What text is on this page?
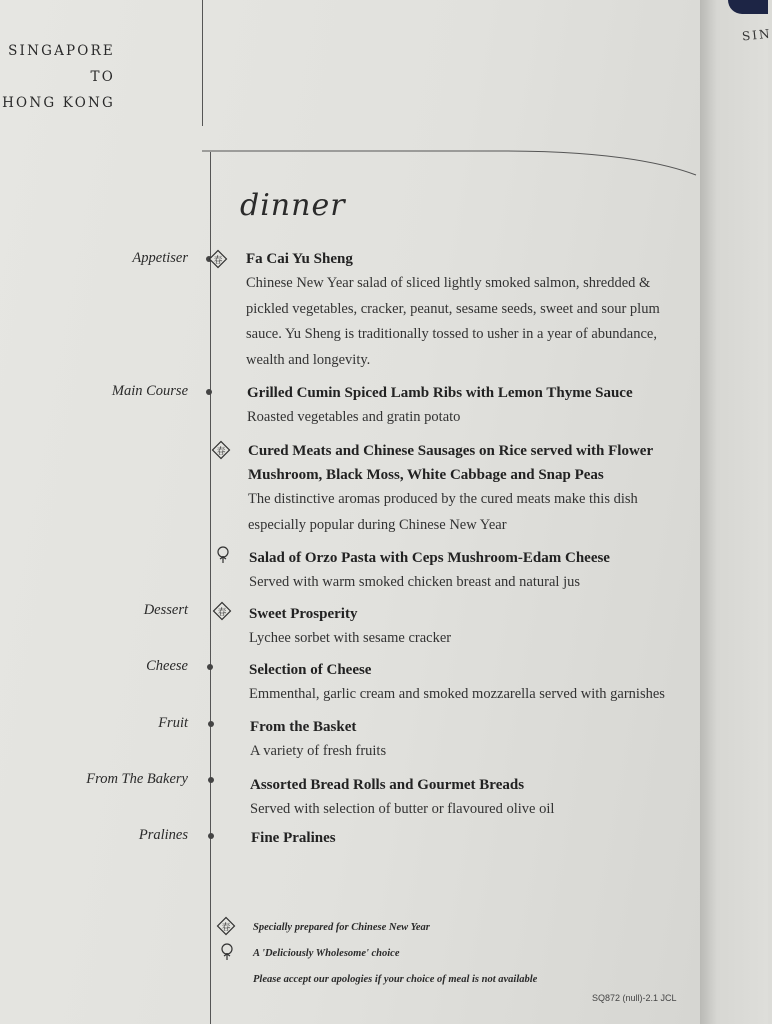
SINGAPORE TO
HONG KONG
dinner
Appetiser	春 Fa Cai Yu Sheng
Chinese New Year salad of sliced lightly smoked salmon, shredded & pickled vegetables, cracker, peanut, sesame seeds, sweet and sour plum sauce. Yu Sheng is traditionally tossed to usher in a year of abundance, wealth and longevity.
Main Course	Grilled Cumin Spiced Lamb Ribs with Lemon Thyme Sauce
Roasted vegetables and gratin potato
春 Cured Meats and Chinese Sausages on Rice served with Flower Mushroom, Black Moss, White Cabbage and Snap Peas
The distinctive aromas produced by the cured meats make this dish especially popular during Chinese New Year
Salad of Orzo Pasta with Ceps Mushroom-Edam Cheese
Served with warm smoked chicken breast and natural jus
Dessert	春 Sweet Prosperity
Lychee sorbet with sesame cracker
Cheese	Selection of Cheese
Emmenthal, garlic cream and smoked mozzarella served with garnishes
Fruit	From the Basket
A variety of fresh fruits
From The Bakery	Assorted Bread Rolls and Gourmet Breads
Served with selection of butter or flavoured olive oil
Pralines	Fine Pralines
春 Specially prepared for Chinese New Year
A 'Deliciously Wholesome' choice
Please accept our apologies if your choice of meal is not available
SQ872 (null)-2.1 JCL
SIN
